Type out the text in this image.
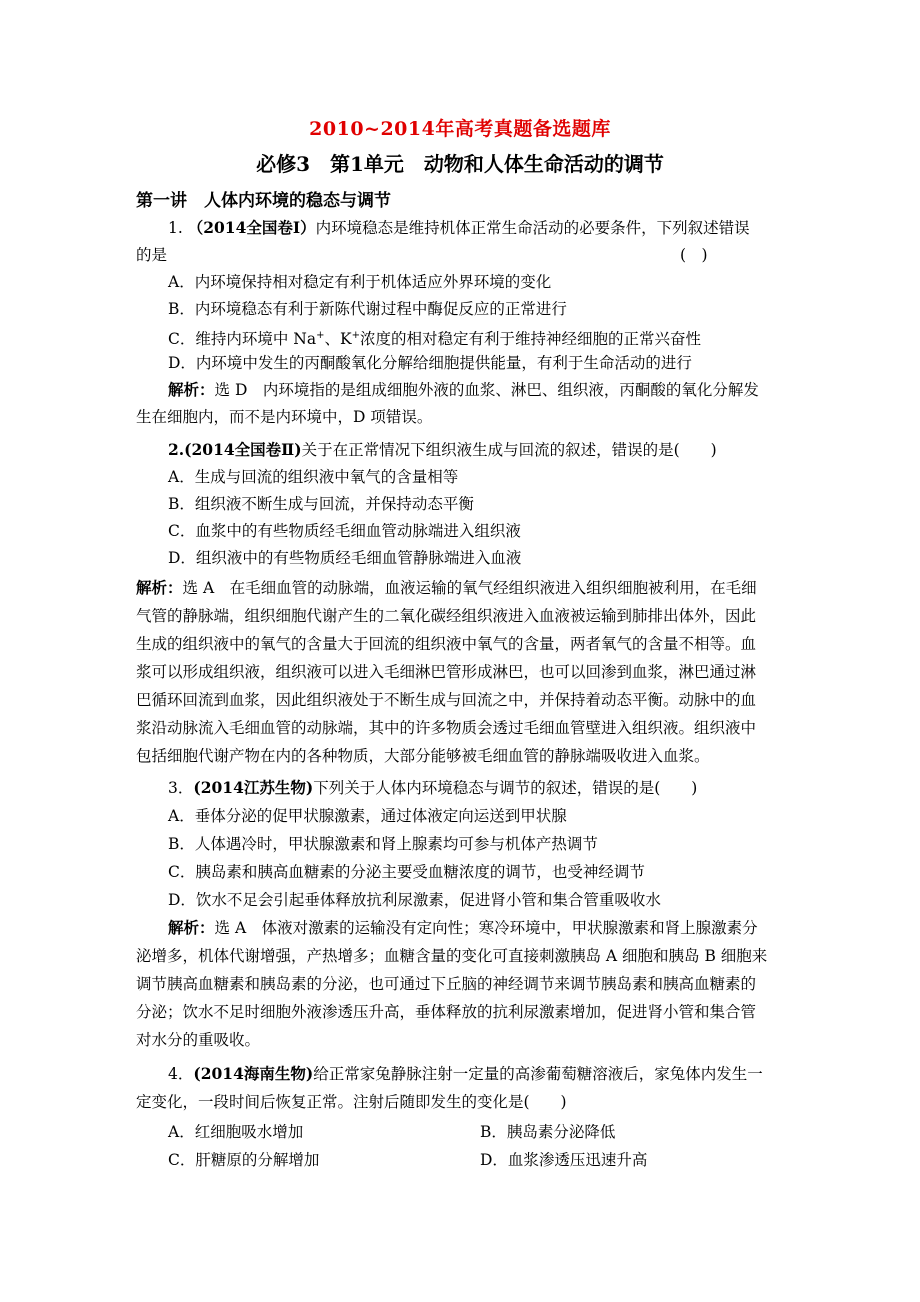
2010~2014年高考真题备选题库
必修3　第1单元　动物和人体生命活动的调节
第一讲　人体内环境的稳态与调节
1. （2014全国卷Ⅰ）内环境稳态是维持机体正常生命活动的必要条件，下列叙述错误
的是	(　)
A．内环境保持相对稳定有利于机体适应外界环境的变化
B．内环境稳态有利于新陈代谢过程中酶促反应的正常进行
C．维持内环境中 Na+、K+浓度的相对稳定有利于维持神经细胞的正常兴奋性
D．内环境中发生的丙酮酸氧化分解给细胞提供能量，有利于生命活动的进行
解析：选 D　内环境指的是组成细胞外液的血浆、淋巴、组织液，丙酮酸的氧化分解发
生在细胞内，而不是内环境中，D 项错误。
2.(2014全国卷Ⅱ)关于在正常情况下组织液生成与回流的叙述，错误的是(　　)
A．生成与回流的组织液中氧气的含量相等
B．组织液不断生成与回流，并保持动态平衡
C．血浆中的有些物质经毛细血管动脉端进入组织液
D．组织液中的有些物质经毛细血管静脉端进入血液
解析：选 A　在毛细血管的动脉端，血液运输的氧气经组织液进入组织细胞被利用，在毛细
气管的静脉端，组织细胞代谢产生的二氧化碳经组织液进入血液被运输到肺排出体外，因此
生成的组织液中的氧气的含量大于回流的组织液中氧气的含量，两者氧气的含量不相等。血
浆可以形成组织液，组织液可以进入毛细淋巴管形成淋巴，也可以回渗到血浆，淋巴通过淋
巴循环回流到血浆，因此组织液处于不断生成与回流之中，并保持着动态平衡。动脉中的血
浆沿动脉流入毛细血管的动脉端，其中的许多物质会透过毛细血管壁进入组织液。组织液中
包括细胞代谢产物在内的各种物质，大部分能够被毛细血管的静脉端吸收进入血浆。
3．(2014江苏生物)下列关于人体内环境稳态与调节的叙述，错误的是(　　)
A．垂体分泌的促甲状腺激素，通过体液定向运送到甲状腺
B．人体遇冷时，甲状腺激素和肾上腺素均可参与机体产热调节
C．胰岛素和胰高血糖素的分泌主要受血糖浓度的调节，也受神经调节
D．饮水不足会引起垂体释放抗利尿激素，促进肾小管和集合管重吸收水
解析：选 A　体液对激素的运输没有定向性；寒冷环境中，甲状腺激素和肾上腺激素分
泌增多，机体代谢增强，产热增多；血糖含量的变化可直接刺激胰岛 A 细胞和胰岛 B 细胞来
调节胰高血糖素和胰岛素的分泌，也可通过下丘脑的神经调节来调节胰岛素和胰高血糖素的
分泌；饮水不足时细胞外液渗透压升高，垂体释放的抗利尿激素增加，促进肾小管和集合管
对水分的重吸收。
4．(2014海南生物)给正常家兔静脉注射一定量的高渗葡萄糖溶液后，家兔体内发生一
定变化，一段时间后恢复正常。注射后随即发生的变化是(　　)
A．红细胞吸水增加	B．胰岛素分泌降低
C．肝糖原的分解增加	D．血浆渗透压迅速升高
